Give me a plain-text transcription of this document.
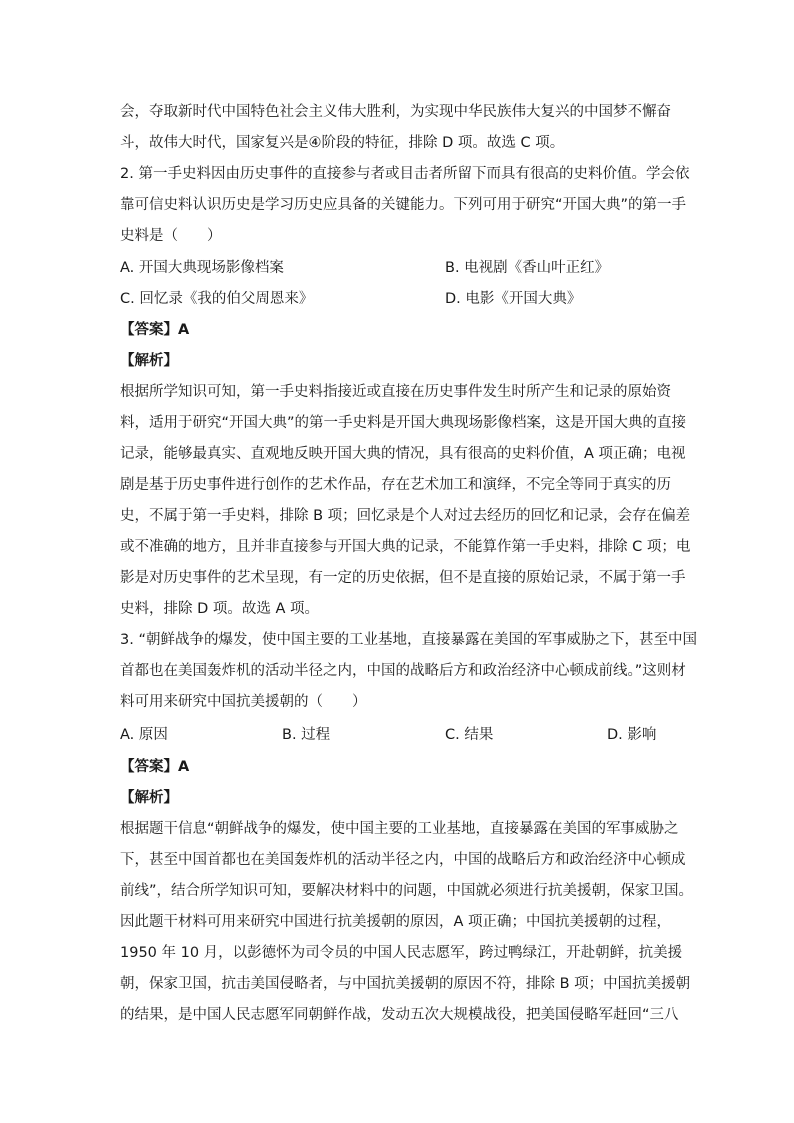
会，夺取新时代中国特色社会主义伟大胜利，为实现中华民族伟大复兴的中国梦不懈奋
斗，故伟大时代，国家复兴是④阶段的特征，排除 D 项。故选 C 项。
2. 第一手史料因由历史事件的直接参与者或目击者所留下而具有很高的史料价值。学会依
靠可信史料认识历史是学习历史应具备的关键能力。下列可用于研究“开国大典”的第一手
史料是（　　）
A. 开国大典现场影像档案	B. 电视剧《香山叶正红》
C. 回忆录《我的伯父周恩来》	D. 电影《开国大典》
【答案】A
【解析】
根据所学知识可知，第一手史料指接近或直接在历史事件发生时所产生和记录的原始资
料，适用于研究“开国大典”的第一手史料是开国大典现场影像档案，这是开国大典的直接
记录，能够最真实、直观地反映开国大典的情况，具有很高的史料价值，A 项正确；电视
剧是基于历史事件进行创作的艺术作品，存在艺术加工和演绎，不完全等同于真实的历
史，不属于第一手史料，排除 B 项；回忆录是个人对过去经历的回忆和记录，会存在偏差
或不准确的地方，且并非直接参与开国大典的记录，不能算作第一手史料，排除 C 项；电
影是对历史事件的艺术呈现，有一定的历史依据，但不是直接的原始记录，不属于第一手
史料，排除 D 项。故选 A 项。
3. “朝鲜战争的爆发，使中国主要的工业基地，直接暴露在美国的军事威胁之下，甚至中国
首都也在美国轰炸机的活动半径之内，中国的战略后方和政治经济中心顿成前线。”这则材
料可用来研究中国抗美援朝的（　　）
A. 原因	B. 过程	C. 结果	D. 影响
【答案】A
【解析】
根据题干信息“朝鲜战争的爆发，使中国主要的工业基地，直接暴露在美国的军事威胁之
下，甚至中国首都也在美国轰炸机的活动半径之内，中国的战略后方和政治经济中心顿成
前线”，结合所学知识可知，要解决材料中的问题，中国就必须进行抗美援朝，保家卫国。
因此题干材料可用来研究中国进行抗美援朝的原因，A 项正确；中国抗美援朝的过程，
1950 年 10 月，以彭德怀为司令员的中国人民志愿军，跨过鸭绿江，开赴朝鲜，抗美援
朝，保家卫国，抗击美国侵略者，与中国抗美援朝的原因不符，排除 B 项；中国抗美援朝
的结果，是中国人民志愿军同朝鲜作战，发动五次大规模战役，把美国侵略军赶回“三八
